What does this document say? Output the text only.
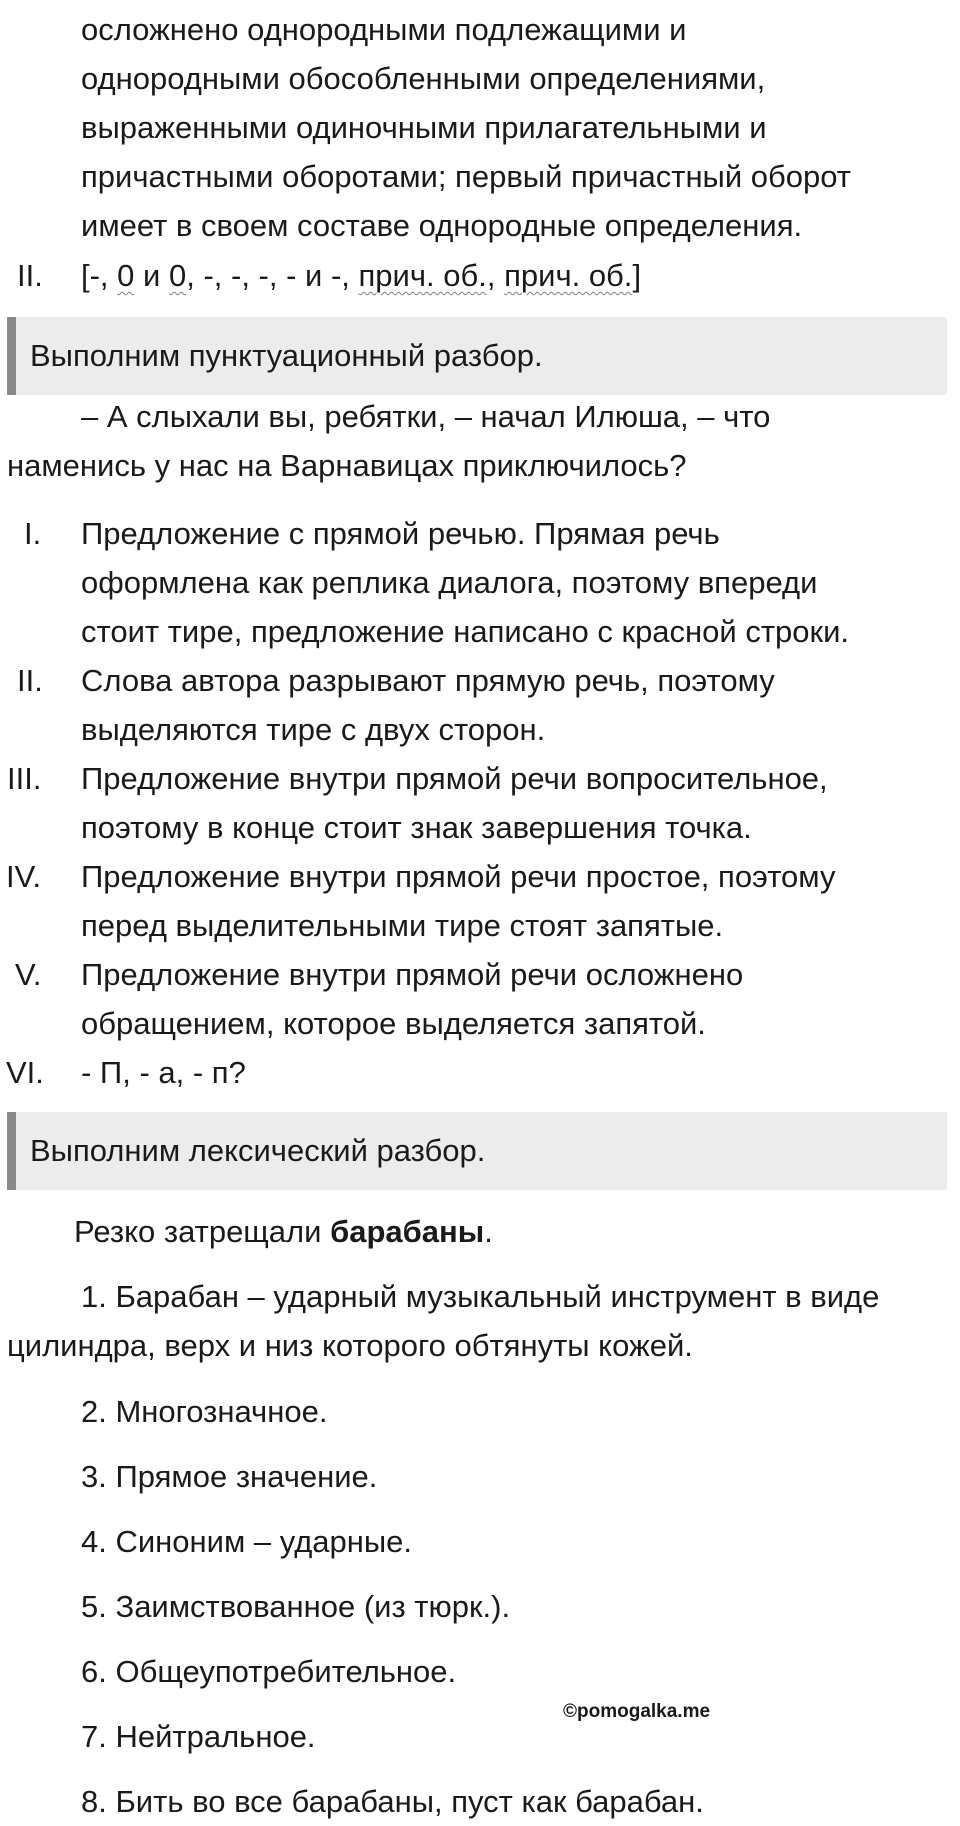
осложнено однородными подлежащими и
однородными обособленными определениями,
выраженными одиночными прилагательными и
причастными оборотами; первый причастный оборот
имеет в своем составе однородные определения.
II. [-, 0 и 0, -, -, -, - и -, прич. об., прич. об.]
Выполним пунктуационный разбор.
– А слыхали вы, ребятки, – начал Илюша, – что
наменись у нас на Варнавицах приключилось?
I. Предложение с прямой речью. Прямая речь
оформлена как реплика диалога, поэтому впереди
стоит тире, предложение написано с красной строки.
II. Слова автора разрывают прямую речь, поэтому
выделяются тире с двух сторон.
III. Предложение внутри прямой речи вопросительное,
поэтому в конце стоит знак завершения точка.
IV. Предложение внутри прямой речи простое, поэтому
перед выделительными тире стоят запятые.
V. Предложение внутри прямой речи осложнено
обращением, которое выделяется запятой.
VI. - П, - а, - п?
Выполним лексический разбор.
Резко затрещали барабаны.
1. Барабан – ударный музыкальный инструмент в виде
цилиндра, верх и низ которого обтянуты кожей.
2. Многозначное.
3. Прямое значение.
4. Синоним – ударные.
5. Заимствованное (из тюрк.).
6. Общеупотребительное.
7. Нейтральное.
8. Бить во все барабаны, пуст как барабан.
©pomogalka.me
